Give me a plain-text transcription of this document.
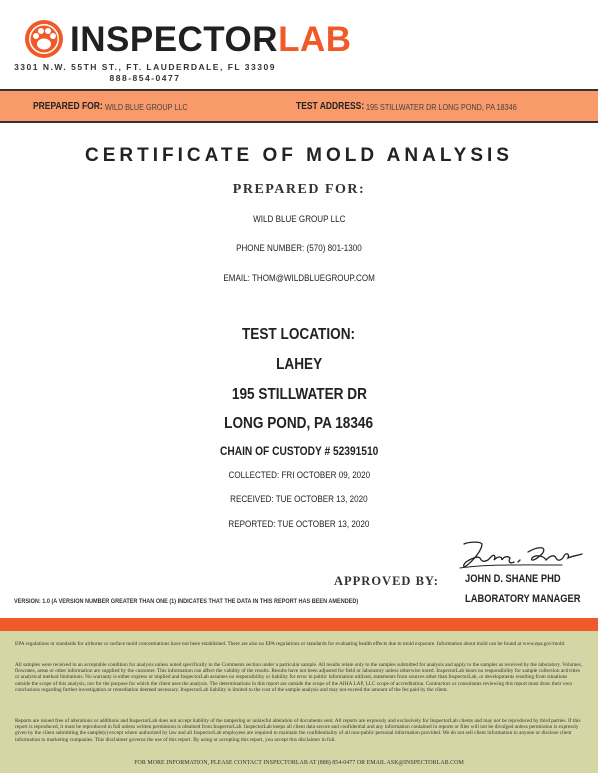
INSPECTORLAB
3301 N.W. 55TH ST., FT. LAUDERDALE, FL 33309
888-854-0477
PREPARED FOR: WILD BLUE GROUP LLC	TEST ADDRESS: 195 STILLWATER DR LONG POND, PA 18346
CERTIFICATE OF MOLD ANALYSIS
PREPARED FOR:
WILD BLUE GROUP LLC
PHONE NUMBER: (570) 801-1300
EMAIL: THOM@WILDBLUEGROUP.COM
TEST LOCATION:
LAHEY
195 STILLWATER DR
LONG POND, PA 18346
CHAIN OF CUSTODY # 52391510
COLLECTED: FRI OCTOBER 09, 2020
RECEIVED: TUE OCTOBER 13, 2020
REPORTED: TUE OCTOBER 13, 2020
APPROVED BY: JOHN D. SHANE PHD
LABORATORY MANAGER
VERSION: 1.0 (A VERSION NUMBER GREATER THAN ONE (1) INDICATES THAT THE DATA IN THIS REPORT HAS BEEN AMENDED)
EPA regulations or standards for airborne or surface mold concentrations have not been established. There are also no EPA regulations or standards for evaluating health effects due to mold exposure. Information about mold can be found at www.epa.gov/mold.
All samples were received in an acceptable condition for analysis unless noted specifically in the Comments section under a particular sample. All results relate only to the samples submitted for analysis and apply to the samples as received by the laboratory. Volumes, flowrates, areas or other information are supplied by the customer. This information can affect the validity of the results. Results have not been adjusted for field or laboratory unless otherwise noted. InspectorLab bears no responsibility for sample collection activities or analytical method limitations. No warranty is either express or implied and InspectorLab assumes no responsibility or liability for error in public information utilized, statements from sources other than InspectorLab, or developments resulting from situations outside the scope of this analysis, nor for the purpose for which the client uses the analysis. The determinations in this report are outside the scope of the AIHA LAP, LLC scope of accreditation. Contractors or consultants reviewing this report must draw their own conclusions regarding further investigation or remediation deemed necessary. InspectorLab liability is limited to the cost of the sample analysis and may not exceed the amount of the fee paid by the client.
Reports are issued free of alterations or additions and InspectorLab does not accept liability of the tampering or unlawful alteration of documents sent. All reports are expressly and exclusively for InspectorLab clients and may not be reproduced by third parties. If this report is reproduced, it must be reproduced in full unless written permission is obtained from InspectorLab. InspectorLab keeps all client data secure and confidential and any information contained in reports or files will not be divulged unless permission is expressly given by the client submitting the sample(s) except where authorized by law and all InspectorLab employees are required to maintain the confidentiality of all non-public personal information provided. We do not sell client information to anyone or disclose client information to marketing companies. This disclaimer governs the use of this report. By using or accepting this report, you accept this disclaimer in full.
FOR MORE INFORMATION, PLEASE CONTACT INSPECTORLAB AT (888) 854-0477 OR EMAIL ASK@INSPECTORLAB.COM
